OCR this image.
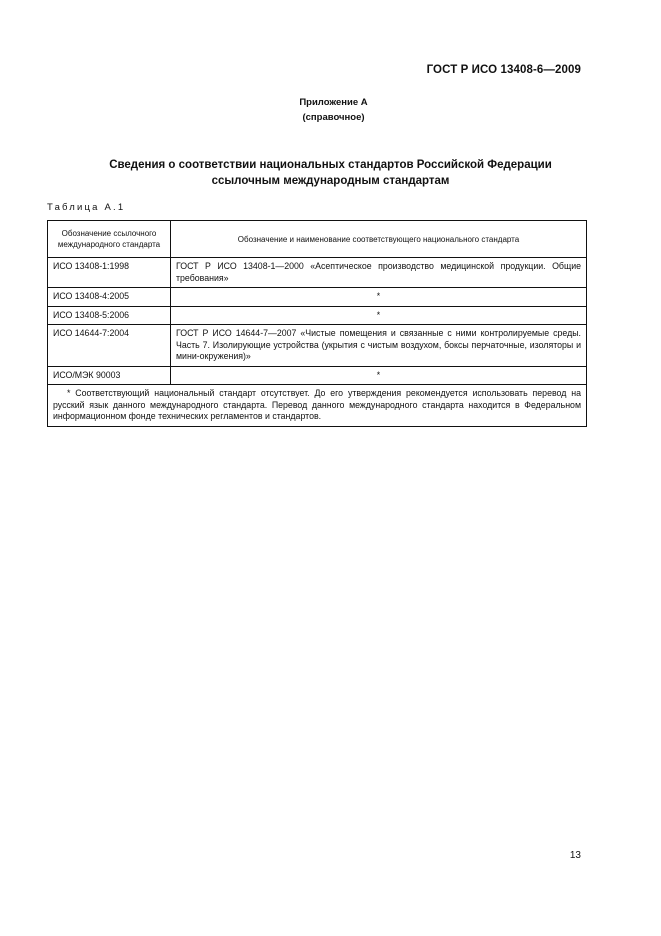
ГОСТ Р ИСО 13408-6—2009
Приложение А
(справочное)
Сведения о соответствии национальных стандартов Российской Федерации
ссылочным международным стандартам
Таблица А.1
Обозначение ссылочного
международного стандарта	Обозначение и наименование соответствующего национального стандарта
ИСО 13408-1:1998	ГОСТ Р ИСО 13408-1—2000 «Асептическое производство медицинской продукции. Общие требования»
ИСО 13408-4:2005	*
ИСО 13408-5:2006	*
ИСО 14644-7:2004	ГОСТ Р ИСО 14644-7—2007 «Чистые помещения и связанные с ними контролируемые среды. Часть 7. Изолирующие устройства (укрытия с чистым воздухом, боксы перчаточные, изоляторы и мини-окружения)»
ИСО/МЭК 90003	*
* Соответствующий национальный стандарт отсутствует. До его утверждения рекомендуется использовать перевод на русский язык данного международного стандарта. Перевод данного международного стандарта находится в Федеральном информационном фонде технических регламентов и стандартов.	
13
